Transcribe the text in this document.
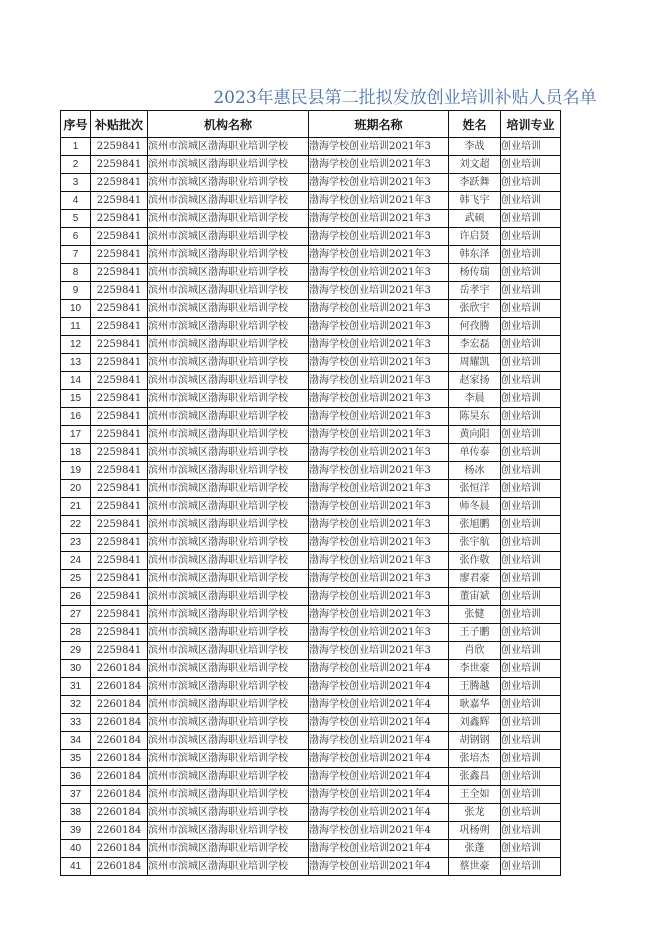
2023年惠民县第二批拟发放创业培训补贴人员名单
序号	补贴批次	机构名称	班期名称	姓名	培训专业
1	2259841	滨州市滨城区渤海职业培训学校	渤海学校创业培训2021年3	李战	创业培训
2	2259841	滨州市滨城区渤海职业培训学校	渤海学校创业培训2021年3	刘文超	创业培训
3	2259841	滨州市滨城区渤海职业培训学校	渤海学校创业培训2021年3	李跃舞	创业培训
4	2259841	滨州市滨城区渤海职业培训学校	渤海学校创业培训2021年3	韩飞宇	创业培训
5	2259841	滨州市滨城区渤海职业培训学校	渤海学校创业培训2021年3	武硕	创业培训
6	2259841	滨州市滨城区渤海职业培训学校	渤海学校创业培训2021年3	许启贤	创业培训
7	2259841	滨州市滨城区渤海职业培训学校	渤海学校创业培训2021年3	韩东泽	创业培训
8	2259841	滨州市滨城区渤海职业培训学校	渤海学校创业培训2021年3	杨传瑞	创业培训
9	2259841	滨州市滨城区渤海职业培训学校	渤海学校创业培训2021年3	岳孝宇	创业培训
10	2259841	滨州市滨城区渤海职业培训学校	渤海学校创业培训2021年3	张欣宇	创业培训
11	2259841	滨州市滨城区渤海职业培训学校	渤海学校创业培训2021年3	何孜腾	创业培训
12	2259841	滨州市滨城区渤海职业培训学校	渤海学校创业培训2021年3	李宏磊	创业培训
13	2259841	滨州市滨城区渤海职业培训学校	渤海学校创业培训2021年3	周耀凯	创业培训
14	2259841	滨州市滨城区渤海职业培训学校	渤海学校创业培训2021年3	赵家扬	创业培训
15	2259841	滨州市滨城区渤海职业培训学校	渤海学校创业培训2021年3	李晨	创业培训
16	2259841	滨州市滨城区渤海职业培训学校	渤海学校创业培训2021年3	陈昊东	创业培训
17	2259841	滨州市滨城区渤海职业培训学校	渤海学校创业培训2021年3	黄向阳	创业培训
18	2259841	滨州市滨城区渤海职业培训学校	渤海学校创业培训2021年3	单传泰	创业培训
19	2259841	滨州市滨城区渤海职业培训学校	渤海学校创业培训2021年3	杨冰	创业培训
20	2259841	滨州市滨城区渤海职业培训学校	渤海学校创业培训2021年3	张恒洋	创业培训
21	2259841	滨州市滨城区渤海职业培训学校	渤海学校创业培训2021年3	师冬晨	创业培训
22	2259841	滨州市滨城区渤海职业培训学校	渤海学校创业培训2021年3	张旭鹏	创业培训
23	2259841	滨州市滨城区渤海职业培训学校	渤海学校创业培训2021年3	张宇航	创业培训
24	2259841	滨州市滨城区渤海职业培训学校	渤海学校创业培训2021年3	张作敬	创业培训
25	2259841	滨州市滨城区渤海职业培训学校	渤海学校创业培训2021年3	廖君豪	创业培训
26	2259841	滨州市滨城区渤海职业培训学校	渤海学校创业培训2021年3	董宙斌	创业培训
27	2259841	滨州市滨城区渤海职业培训学校	渤海学校创业培训2021年3	张健	创业培训
28	2259841	滨州市滨城区渤海职业培训学校	渤海学校创业培训2021年3	王子鹏	创业培训
29	2259841	滨州市滨城区渤海职业培训学校	渤海学校创业培训2021年3	肖欣	创业培训
30	2260184	滨州市滨城区渤海职业培训学校	渤海学校创业培训2021年4	李世豪	创业培训
31	2260184	滨州市滨城区渤海职业培训学校	渤海学校创业培训2021年4	王腾越	创业培训
32	2260184	滨州市滨城区渤海职业培训学校	渤海学校创业培训2021年4	耿嘉华	创业培训
33	2260184	滨州市滨城区渤海职业培训学校	渤海学校创业培训2021年4	刘鑫辉	创业培训
34	2260184	滨州市滨城区渤海职业培训学校	渤海学校创业培训2021年4	胡钢钢	创业培训
35	2260184	滨州市滨城区渤海职业培训学校	渤海学校创业培训2021年4	张培杰	创业培训
36	2260184	滨州市滨城区渤海职业培训学校	渤海学校创业培训2021年4	张鑫昌	创业培训
37	2260184	滨州市滨城区渤海职业培训学校	渤海学校创业培训2021年4	王全如	创业培训
38	2260184	滨州市滨城区渤海职业培训学校	渤海学校创业培训2021年4	张龙	创业培训
39	2260184	滨州市滨城区渤海职业培训学校	渤海学校创业培训2021年4	巩杨朔	创业培训
40	2260184	滨州市滨城区渤海职业培训学校	渤海学校创业培训2021年4	张蓬	创业培训
41	2260184	滨州市滨城区渤海职业培训学校	渤海学校创业培训2021年4	蔡世豪	创业培训
